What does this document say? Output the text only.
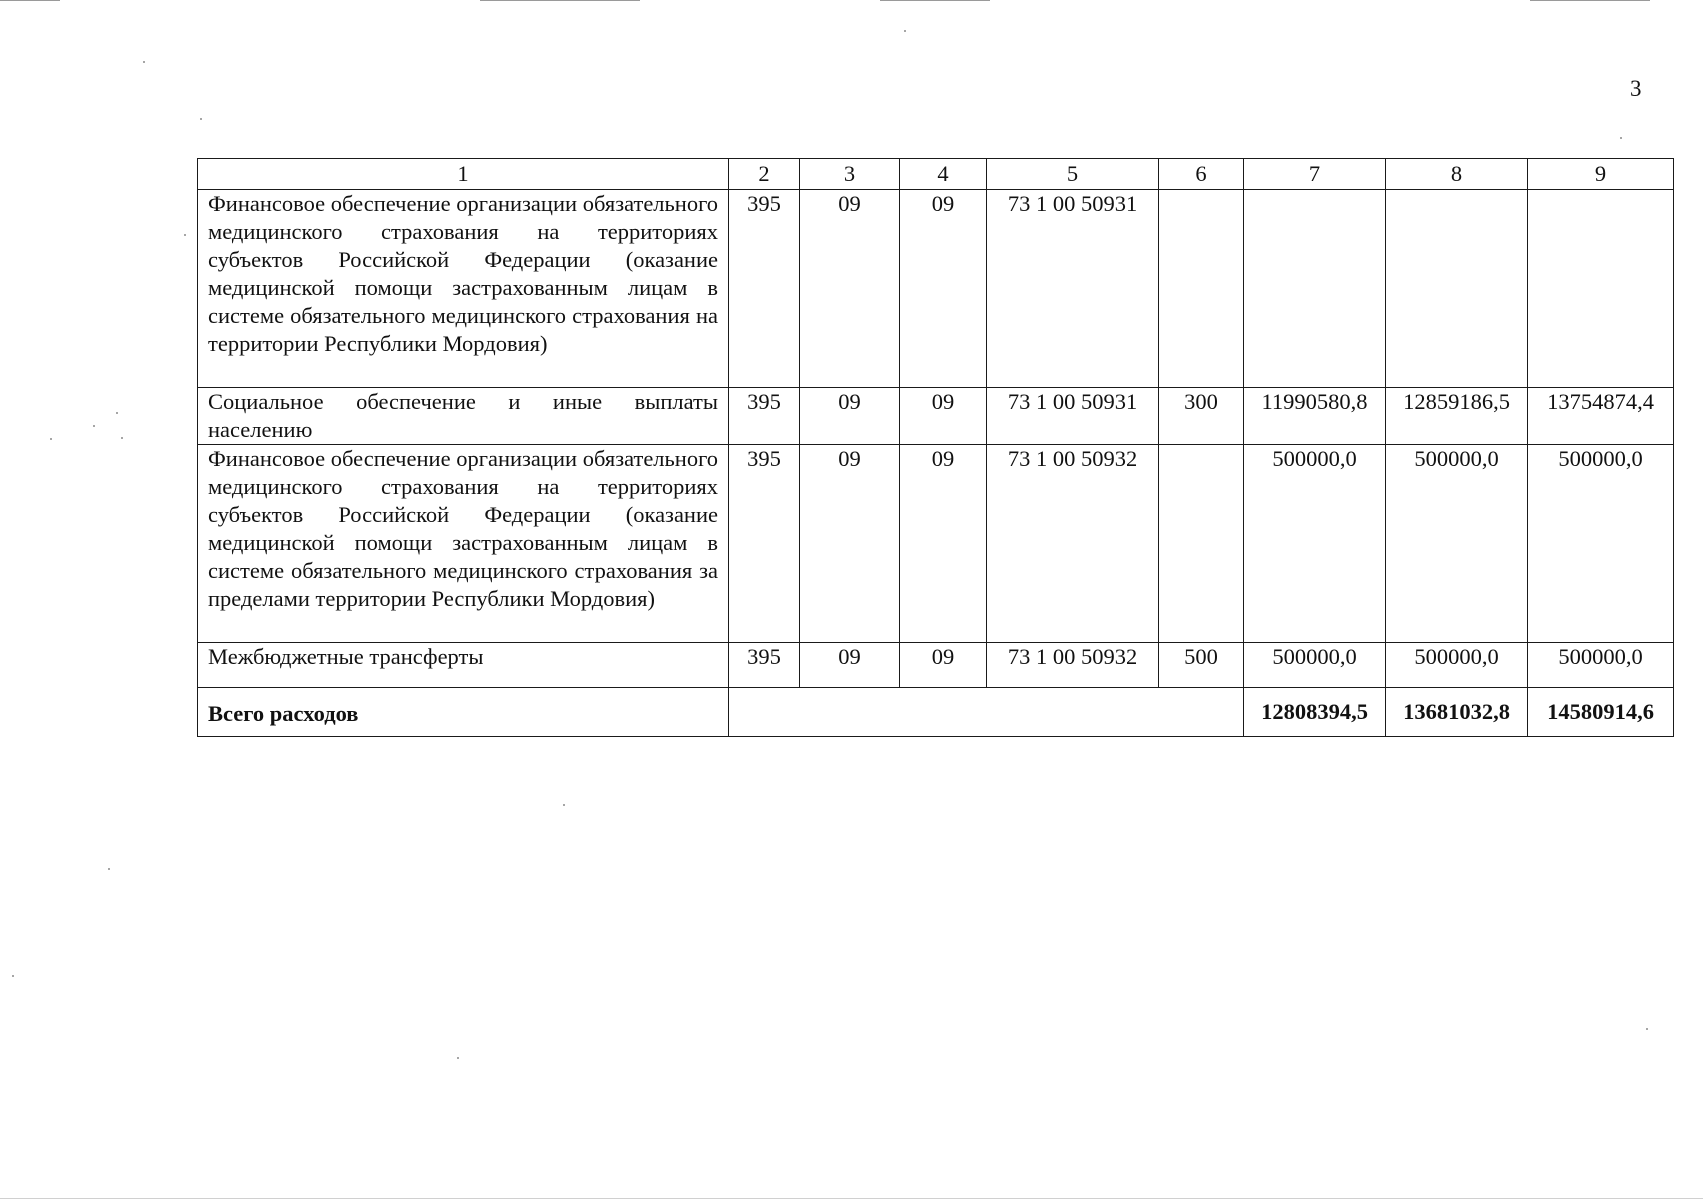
3
1	2	3	4	5	6	7	8	9
Финансовое обеспечение организации обязательного медицинского страхования на территориях субъектов Российской Федерации (оказание медицинской помощи застрахованным лицам в системе обязательного медицинского страхования на территории Республики Мордовия)	395	09	09	73 1 00 50931				
Социальное обеспечение и иные выплаты населению	395	09	09	73 1 00 50931	300	11990580,8	12859186,5	13754874,4
Финансовое обеспечение организации обязательного медицинского страхования на территориях субъектов Российской Федерации (оказание медицинской помощи застрахованным лицам в системе обязательного медицинского страхования за пределами территории Республики Мордовия)	395	09	09	73 1 00 50932		500000,0	500000,0	500000,0
Межбюджетные трансферты	395	09	09	73 1 00 50932	500	500000,0	500000,0	500000,0
Всего расходов						12808394,5	13681032,8	14580914,6
